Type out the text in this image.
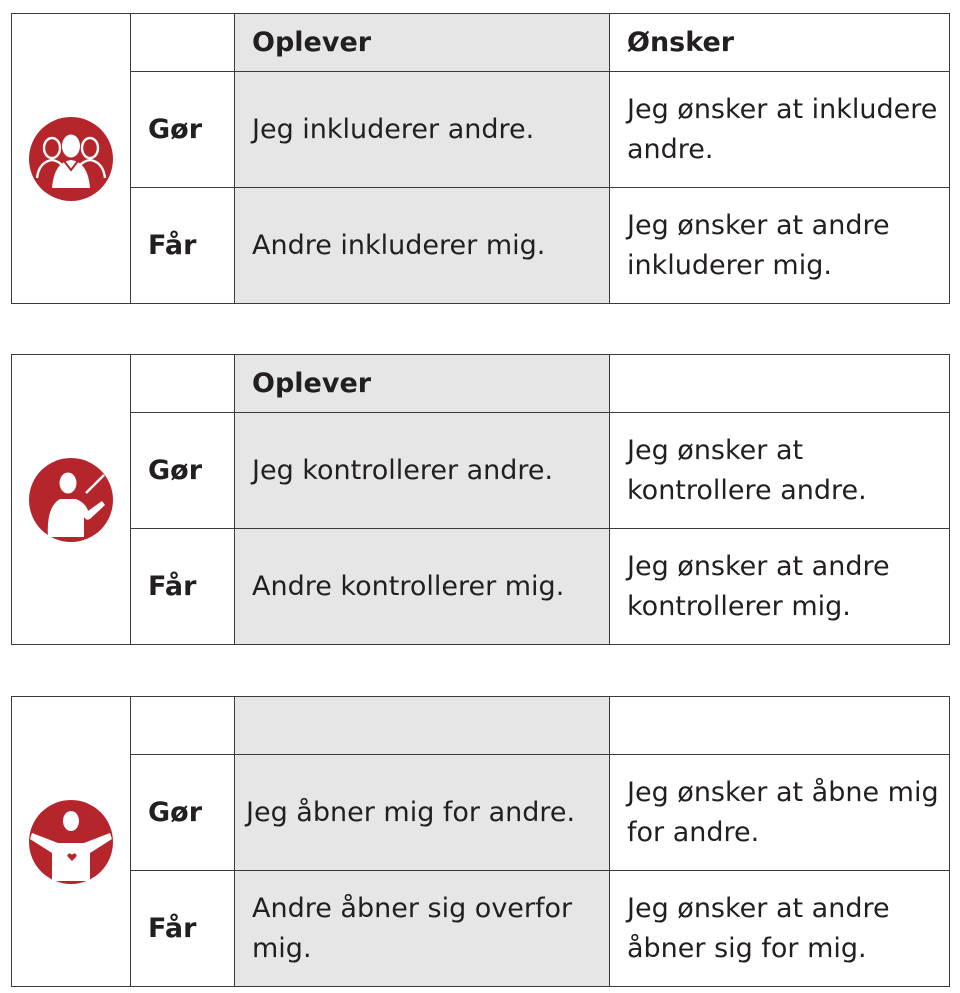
		Oplever	Ønsker
	Gør	Jeg inkluderer andre.	Jeg ønsker at inkludere andre.
	Får	Andre inkluderer mig.	Jeg ønsker at andre inkluderer mig.
		Oplever	
	Gør	Jeg kontrollerer andre.	Jeg ønsker at kontrollere andre.
	Får	Andre kontrollerer mig.	Jeg ønsker at andre kontrollerer mig.

	Gør	Jeg åbner mig for andre.	Jeg ønsker at åbne mig for andre.
	Får	Andre åbner sig overfor mig.	Jeg ønsker at andre åbner sig for mig.
